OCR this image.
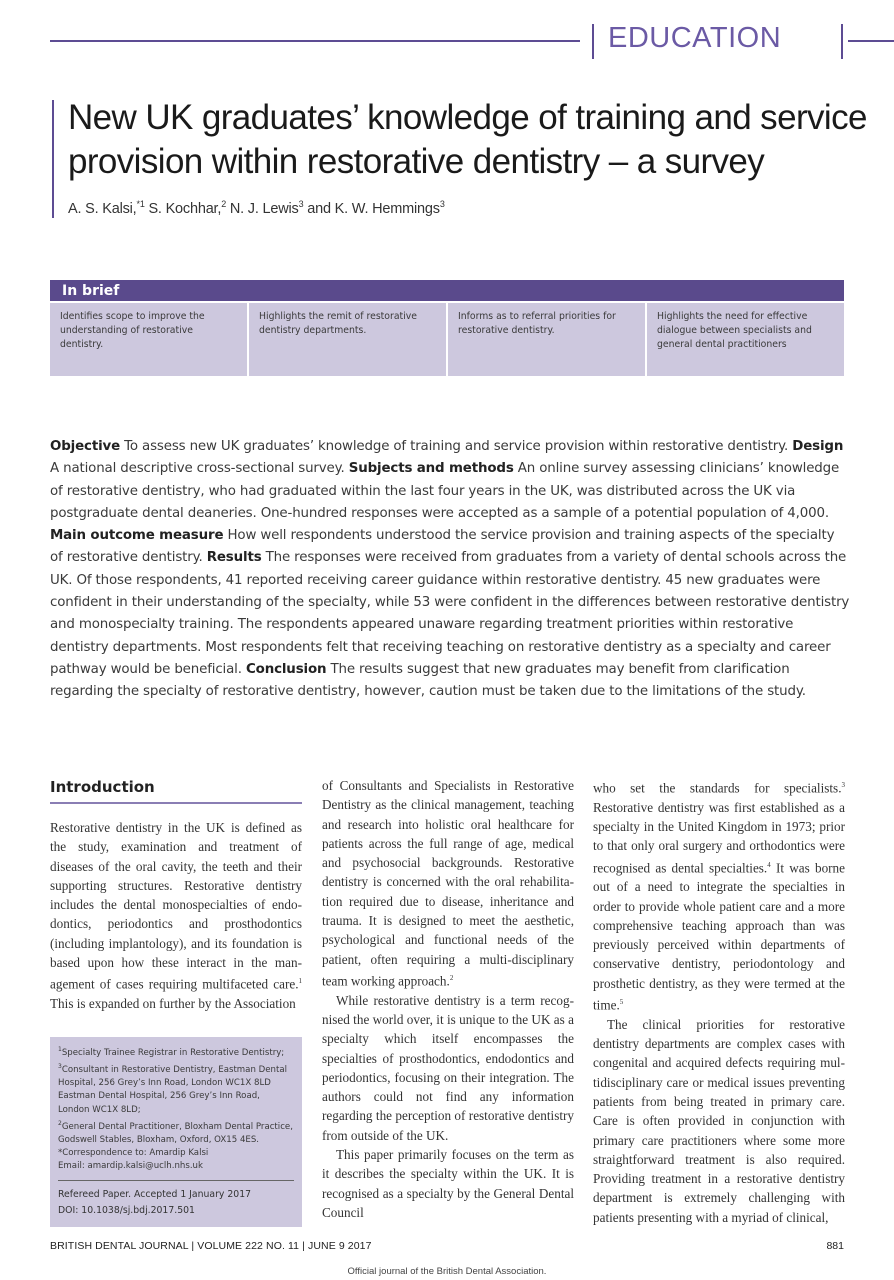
EDUCATION
New UK graduates’ knowledge of training and service provision within restorative dentistry – a survey
A. S. Kalsi,$^{*1}$ S. Kochhar,$^2$ N. J. Lewis$^3$ and K. W. Hemmings$^3$
In brief
Identifies scope to improve the understanding of restorative dentistry.
Highlights the remit of restorative dentistry departments.
Informs as to referral priorities for restorative dentistry.
Highlights the need for effective dialogue between specialists and general dental practitioners
Objective To assess new UK graduates’ knowledge of training and service provision within restorative dentistry. Design A national descriptive cross-sectional survey. Subjects and methods An online survey assessing clinicians’ knowledge of restorative dentistry, who had graduated within the last four years in the UK, was distributed across the UK via postgraduate dental deaneries. One-hundred responses were accepted as a sample of a potential population of 4,000. Main outcome measure How well respondents understood the service provision and training aspects of the specialty of restorative dentistry. Results The responses were received from graduates from a variety of dental schools across the UK. Of those respondents, 41 reported receiving career guidance within restorative dentistry. 45 new graduates were confident in their understanding of the specialty, while 53 were confident in the differences between restorative dentistry and monospecialty training. The respondents appeared unaware regarding treatment priorities within restorative dentistry departments. Most respondents felt that receiving teaching on restorative dentistry as a specialty and career pathway would be beneficial. Conclusion The results suggest that new graduates may benefit from clarification regarding the specialty of restorative dentistry, however, caution must be taken due to the limitations of the study.
Introduction

Restorative dentistry in the UK is defined as the study, examination and treatment of diseases of the oral cavity, the teeth and their supporting structures. Restorative dentistry includes the dental monospecialties of endodontics, periodontics and prosthodontics (including implantology), and its foundation is based upon how these interact in the management of cases requiring multifaceted care.$^1$ This is expanded on further by the Association

$^1$Specialty Trainee Registrar in Restorative Dentistry;
$^3$Consultant in Restorative Dentistry, Eastman Dental Hospital, 256 Grey’s Inn Road, London WC1X 8LD Eastman Dental Hospital, 256 Grey’s Inn Road, London WC1X 8LD;
$^2$General Dental Practitioner, Bloxham Dental Practice, Godswell Stables, Bloxham, Oxford, OX15 4ES.
*Correspondence to: Amardip Kalsi
Email: amardip.kalsi@uclh.nhs.uk
Refereed Paper. Accepted 1 January 2017
DOI: 10.1038/sj.bdj.2017.501

of Consultants and Specialists in Restorative Dentistry as the clinical management, teaching and research into holistic oral healthcare for patients across the full range of age, medical and psychosocial backgrounds. Restorative dentistry is concerned with the oral rehabilitation required due to disease, inheritance and trauma. It is designed to meet the aesthetic, psychological and functional needs of the patient, often requiring a multi-disciplinary team working approach.$^2$

While restorative dentistry is a term recognised the world over, it is unique to the UK as a specialty which itself encompasses the specialties of prosthodontics, endodontics and periodontics, focusing on their integration. The authors could not find any information regarding the perception of restorative dentistry from outside of the UK.

This paper primarily focuses on the term as it describes the specialty within the UK. It is recognised as a specialty by the General Dental Council

who set the standards for specialists.$^3$ Restorative dentistry was first established as a specialty in the United Kingdom in 1973; prior to that only oral surgery and orthodontics were recognised as dental specialties.$^4$ It was borne out of a need to integrate the specialties in order to provide whole patient care and a more comprehensive teaching approach than was previously perceived within departments of conservative dentistry, periodontology and prosthetic dentistry, as they were termed at the time.$^5$

The clinical priorities for restorative dentistry departments are complex cases with congenital and acquired defects requiring multidisciplinary care or medical issues preventing patients from being treated in primary care. Care is often provided in conjunction with primary care practitioners where some more straightforward treatment is also required. Providing treatment in a restorative dentistry department is extremely challenging with patients presenting with a myriad of clinical,

BRITISH DENTAL JOURNAL | VOLUME 222 NO. 11 | JUNE 9 2017	881
Official journal of the British Dental Association.
